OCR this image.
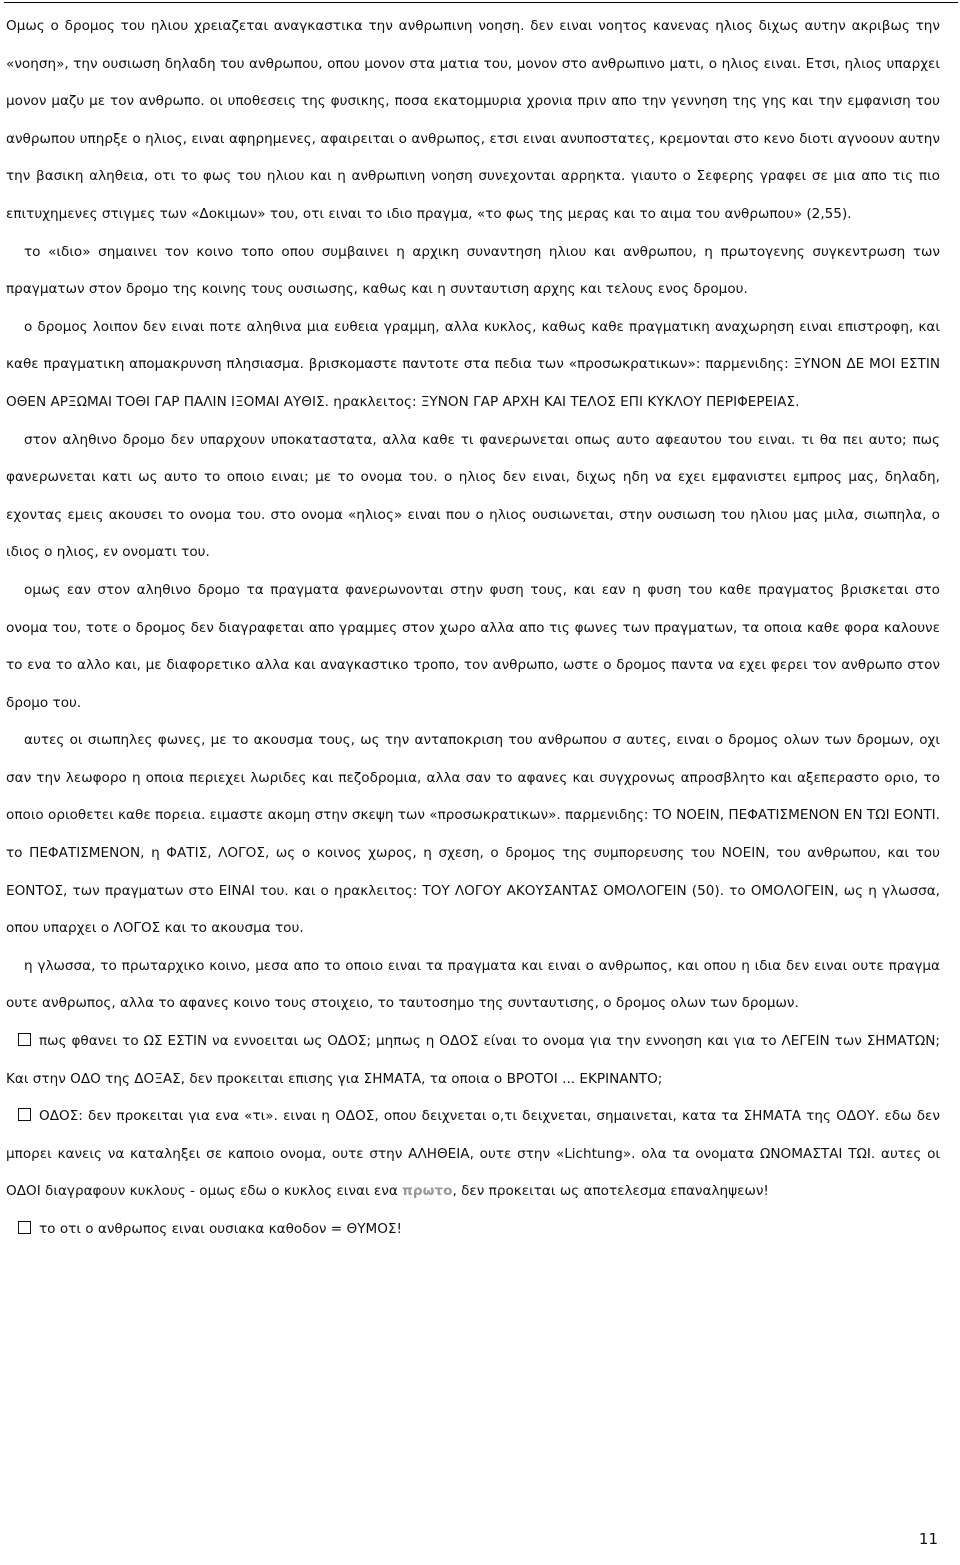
Ομως ο δρομος του ηλιου χρειαζεται αναγκαστικα την ανθρωπινη νοηση. δεν ειναι νοητος κανενας ηλιος διχως αυτην ακριβως την «νοηση», την ουσιωση δηλαδη του ανθρωπου, οπου μονον στα ματια του, μονον στο ανθρωπινο ματι, ο ηλιος ειναι. Ετσι, ηλιος υπαρχει μονον μαζυ με τον ανθρωπο. οι υποθεσεις της φυσικης, ποσα εκατομμυρια χρονια πριν απο την γεννηση της γης και την εμφανιση του ανθρωπου υπηρξε ο ηλιος, ειναι αφηρημενες, αφαιρειται ο ανθρωπος, ετσι ειναι ανυποστατες, κρεμονται στο κενο διοτι αγνοουν αυτην την βασικη αληθεια, οτι το φως του ηλιου και η ανθρωπινη νοηση συνεχονται αρρηκτα. γιαυτο ο Σεφερης γραφει σε μια απο τις πιο επιτυχημενες στιγμες των «Δοκιμων» του, οτι ειναι το ιδιο πραγμα, «το φως της μερας και το αιμα του ανθρωπου» (2,55).

το «ιδιο» σημαινει τον κοινο τοπο οπου συμβαινει η αρχικη συναντηση ηλιου και ανθρωπου, η πρωτογενης συγκεντρωση των πραγματων στον δρομο της κοινης τους ουσιωσης, καθως και η συνταυτιση αρχης και τελους ενος δρομου.

ο δρομος λοιπον δεν ειναι ποτε αληθινα μια ευθεια γραμμη, αλλα κυκλος, καθως καθε πραγματικη αναχωρηση ειναι επιστροφη, και καθε πραγματικη απομακρυνση πλησιασμα. βρισκομαστε παντοτε στα πεδια των «προσωκρατικων»: παρμενιδης: ΞΥΝΟΝ ΔΕ ΜΟΙ ΕΣΤΙΝ ΟΘΕΝ ΑΡΞΩΜΑΙ ΤΟΘΙ ΓΑΡ ΠΑΛΙΝ ΙΞΟΜΑΙ ΑΥΘΙΣ. ηρακλειτος: ΞΥΝΟΝ ΓΑΡ ΑΡΧΗ ΚΑΙ ΤΕΛΟΣ ΕΠΙ ΚΥΚΛΟΥ ΠΕΡΙΦΕΡΕΙΑΣ.

στον αληθινο δρομο δεν υπαρχουν υποκαταστατα, αλλα καθε τι φανερωνεται οπως αυτο αφεαυτου του ειναι. τι θα πει αυτο; πως φανερωνεται κατι ως αυτο το οποιο ειναι; με το ονομα του. ο ηλιος δεν ειναι, διχως ηδη να εχει εμφανιστει εμπρος μας, δηλαδη, εχοντας εμεις ακουσει το ονομα του. στο ονομα «ηλιος» ειναι που ο ηλιος ουσιωνεται, στην ουσιωση του ηλιου μας μιλα, σιωπηλα, ο ιδιος ο ηλιος, εν ονοματι του.

ομως εαν στον αληθινο δρομο τα πραγματα φανερωνονται στην φυση τους, και εαν η φυση του καθε πραγματος βρισκεται στο ονομα του, τοτε ο δρομος δεν διαγραφεται απο γραμμες στον χωρο αλλα απο τις φωνες των πραγματων, τα οποια καθε φορα καλουνε το ενα το αλλο και, με διαφορετικο αλλα και αναγκαστικο τροπο, τον ανθρωπο, ωστε ο δρομος παντα να εχει φερει τον ανθρωπο στον δρομο του.

αυτες οι σιωπηλες φωνες, με το ακουσμα τους, ως την ανταποκριση του ανθρωπου σ αυτες, ειναι ο δρομος ολων των δρομων, οχι σαν την λεωφορο η οποια περιεχει λωριδες και πεζοδρομια, αλλα σαν το αφανες και συγχρονως απροσβλητο και αξεπεραστο οριο, το οποιο οριοθετει καθε πορεια. ειμαστε ακομη στην σκεψη των «προσωκρατικων». παρμενιδης: ΤΟ ΝΟΕΙΝ, ΠΕΦΑΤΙΣΜΕΝΟΝ ΕΝ ΤΩΙ ΕΟΝΤΙ. το ΠΕΦΑΤΙΣΜΕΝΟΝ, η ΦΑΤΙΣ, ΛΟΓΟΣ, ως ο κοινος χωρος, η σχεση, ο δρομος της συμπορευσης του ΝΟΕΙΝ, του ανθρωπου, και του ΕΟΝΤΟΣ, των πραγματων στο ΕΙΝΑΙ του. και ο ηρακλειτος: ΤΟΥ ΛΟΓΟΥ ΑΚΟΥΣΑΝΤΑΣ ΟΜΟΛΟΓΕΙΝ (50). το ΟΜΟΛΟΓΕΙΝ, ως η γλωσσα, οπου υπαρχει ο ΛΟΓΟΣ και το ακουσμα του.

η γλωσσα, το πρωταρχικο κοινο, μεσα απο το οποιο ειναι τα πραγματα και ειναι ο ανθρωπος, και οπου η ιδια δεν ειναι ουτε πραγμα ουτε ανθρωπος, αλλα το αφανες κοινο τους στοιχειο, το ταυτοσημο της συνταυτισης, ο δρομος ολων των δρομων.

πως φθανει το ΩΣ ΕΣΤΙΝ να εννοειται ως ΟΔΟΣ; μηπως η ΟΔΟΣ είναι το ονομα για την εννοηση και για το ΛΕΓΕΙΝ των ΣΗΜΑΤΩΝ; Και στην ΟΔΟ της ΔΟΞΑΣ, δεν προκειται επισης για ΣΗΜΑΤΑ, τα οποια ο ΒΡΟΤΟΙ ... ΕΚΡΙΝΑΝΤΟ;

ΟΔΟΣ: δεν προκειται για ενα «τι». ειναι η ΟΔΟΣ, οπου δειχνεται ο,τι δειχνεται, σημαινεται, κατα τα ΣΗΜΑΤΑ της ΟΔΟΥ. εδω δεν μπορει κανεις να καταληξει σε καποιο ονομα, ουτε στην ΑΛΗΘΕΙΑ, ουτε στην «Lichtung». ολα τα ονοματα ΩΝΟΜΑΣΤΑΙ ΤΩΙ. αυτες οι ΟΔΟΙ διαγραφουν κυκλους - ομως εδω ο κυκλος ειναι ενα πρωτο, δεν προκειται ως αποτελεσμα επαναληψεων!

το οτι ο ανθρωπος ειναι ουσιακα καθοδον = ΘΥΜΟΣ!

11
